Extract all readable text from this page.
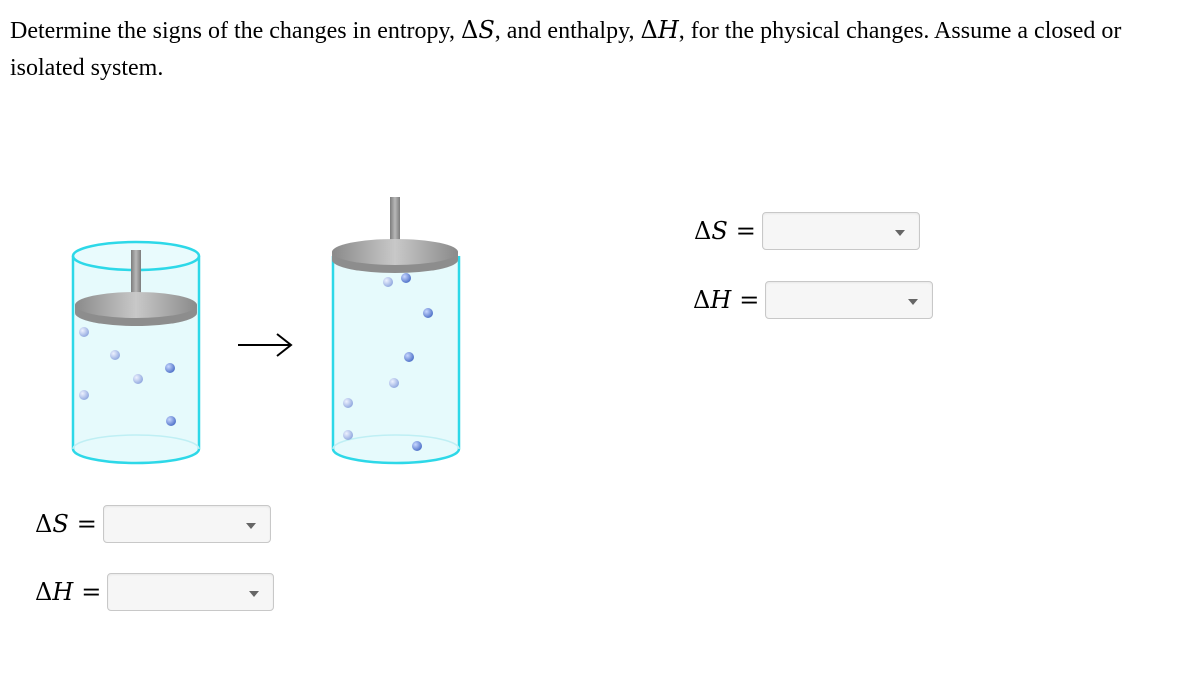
Determine the signs of the changes in entropy, ΔS, and enthalpy, ΔH, for the physical changes. Assume a closed or isolated system.
ΔS =
ΔH =
ΔS =
ΔH =
